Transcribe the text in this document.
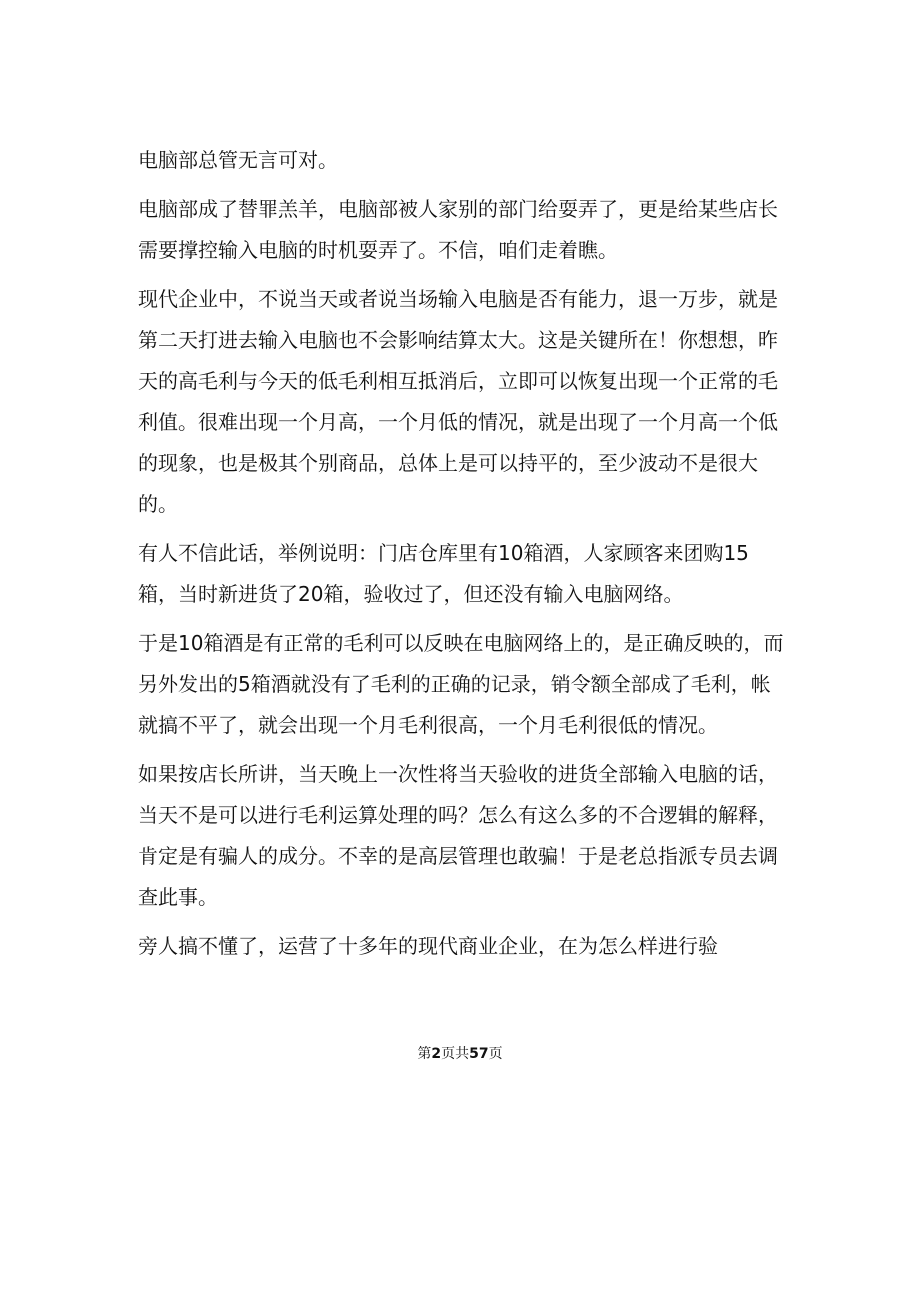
电脑部总管无言可对。

电脑部成了替罪羔羊，电脑部被人家别的部门给耍弄了，更是给某些店长需要撑控输入电脑的时机耍弄了。不信，咱们走着瞧。

现代企业中，不说当天或者说当场输入电脑是否有能力，退一万步，就是第二天打进去输入电脑也不会影响结算太大。这是关键所在！你想想，昨天的高毛利与今天的低毛利相互抵消后，立即可以恢复出现一个正常的毛利值。很难出现一个月高，一个月低的情况，就是出现了一个月高一个低的现象，也是极其个别商品，总体上是可以持平的，至少波动不是很大的。

有人不信此话，举例说明：门店仓库里有10箱酒，人家顾客来团购15箱，当时新进货了20箱，验收过了，但还没有输入电脑网络。

于是10箱酒是有正常的毛利可以反映在电脑网络上的，是正确反映的，而另外发出的5箱酒就没有了毛利的正确的记录，销令额全部成了毛利，帐就搞不平了，就会出现一个月毛利很高，一个月毛利很低的情况。

如果按店长所讲，当天晚上一次性将当天验收的进货全部输入电脑的话，当天不是可以进行毛利运算处理的吗？怎么有这么多的不合逻辑的解释，肯定是有骗人的成分。不幸的是高层管理也敢骗！于是老总指派专员去调查此事。

旁人搞不懂了，运营了十多年的现代商业企业，在为怎么样进行验

第2页共57页
